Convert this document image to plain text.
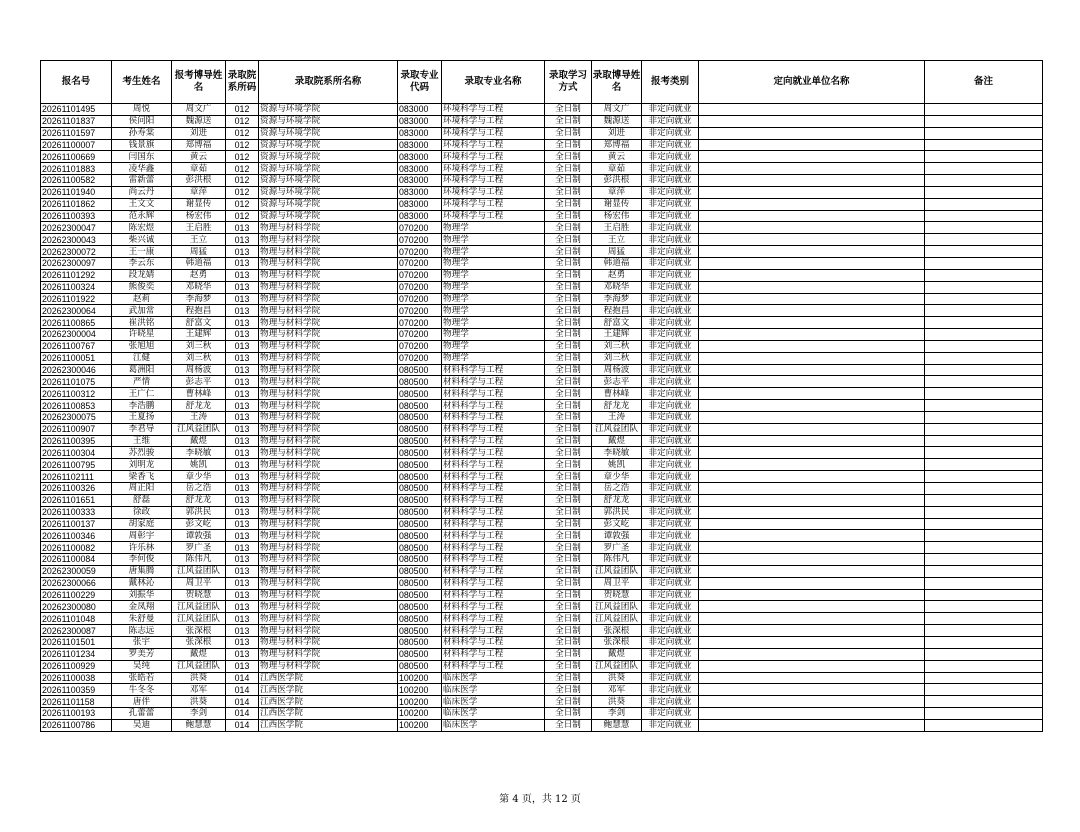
报名号	考生姓名	报考博导姓名	录取院系所码	录取院系所名称	录取专业代码	录取专业名称	录取学习方式	录取博导姓名	报考类别	定向就业单位名称	备注
20261101495	周悦	周文广	012	资源与环境学院	083000	环境科学与工程	全日制	周文广	非定向就业		
20261101837	侯问阳	魏源送	012	资源与环境学院	083000	环境科学与工程	全日制	魏源送	非定向就业		
20261101597	孙寿棠	刘进	012	资源与环境学院	083000	环境科学与工程	全日制	刘进	非定向就业		
20261100007	钱景旗	郑博福	012	资源与环境学院	083000	环境科学与工程	全日制	郑博福	非定向就业		
20261100669	闫国东	黄云	012	资源与环境学院	083000	环境科学与工程	全日制	黄云	非定向就业		
20261101883	凌华鑫	章茹	012	资源与环境学院	083000	环境科学与工程	全日制	章茹	非定向就业		
20261100582	雷新蕾	彭洪根	012	资源与环境学院	083000	环境科学与工程	全日制	彭洪根	非定向就业		
20261101940	尚云丹	章萍	012	资源与环境学院	083000	环境科学与工程	全日制	章萍	非定向就业		
20261101862	王文文	谢显传	012	资源与环境学院	083000	环境科学与工程	全日制	谢显传	非定向就业		
20261100393	范永辉	杨宏伟	012	资源与环境学院	083000	环境科学与工程	全日制	杨宏伟	非定向就业		
20262300047	陈宏煜	王启胜	013	物理与材料学院	070200	物理学	全日制	王启胜	非定向就业		
20262300043	柴兴诚	王立	013	物理与材料学院	070200	物理学	全日制	王立	非定向就业		
20262300072	王一康	周猛	013	物理与材料学院	070200	物理学	全日制	周猛	非定向就业		
20262300097	李云东	韩道福	013	物理与材料学院	070200	物理学	全日制	韩道福	非定向就业		
20261101292	段龙婧	赵勇	013	物理与材料学院	070200	物理学	全日制	赵勇	非定向就业		
20261100324	熊俊奕	邓晓华	013	物理与材料学院	070200	物理学	全日制	邓晓华	非定向就业		
20261101922	赵莉	李海梦	013	物理与材料学院	070200	物理学	全日制	李海梦	非定向就业		
20262300064	武加常	程抱昌	013	物理与材料学院	070200	物理学	全日制	程抱昌	非定向就业		
20261100865	崔洪铭	舒富文	013	物理与材料学院	070200	物理学	全日制	舒富文	非定向就业		
20262300004	许晓星	王建辉	013	物理与材料学院	070200	物理学	全日制	王建辉	非定向就业		
20261100767	张旭旭	刘三秋	013	物理与材料学院	070200	物理学	全日制	刘三秋	非定向就业		
20261100051	江健	刘三秋	013	物理与材料学院	070200	物理学	全日制	刘三秋	非定向就业		
20262300046	葛洲阳	周杨波	013	物理与材料学院	080500	材料科学与工程	全日制	周杨波	非定向就业		
20261101075	严情	彭志平	013	物理与材料学院	080500	材料科学与工程	全日制	彭志平	非定向就业		
20261100312	王广仁	曹林峰	013	物理与材料学院	080500	材料科学与工程	全日制	曹林峰	非定向就业		
20261100853	李浩鹏	舒龙龙	013	物理与材料学院	080500	材料科学与工程	全日制	舒龙龙	非定向就业		
20262300075	王夏扬	王涛	013	物理与材料学院	080500	材料科学与工程	全日制	王涛	非定向就业		
20261100907	李君导	江风益团队	013	物理与材料学院	080500	材料科学与工程	全日制	江风益团队	非定向就业		
20261100395	王维	戴煜	013	物理与材料学院	080500	材料科学与工程	全日制	戴煜	非定向就业		
20261100304	苏烈骏	李晓敏	013	物理与材料学院	080500	材料科学与工程	全日制	李晓敏	非定向就业		
20261100795	刘明龙	姚凯	013	物理与材料学院	080500	材料科学与工程	全日制	姚凯	非定向就业		
20261102111	梁香飞	章少华	013	物理与材料学院	080500	材料科学与工程	全日制	章少华	非定向就业		
20261100326	周正阳	岳之浩	013	物理与材料学院	080500	材料科学与工程	全日制	岳之浩	非定向就业		
20261101651	舒磊	舒龙龙	013	物理与材料学院	080500	材料科学与工程	全日制	舒龙龙	非定向就业		
20261100333	徐政	郭洪民	013	物理与材料学院	080500	材料科学与工程	全日制	郭洪民	非定向就业		
20261100137	胡家庭	彭文屹	013	物理与材料学院	080500	材料科学与工程	全日制	彭文屹	非定向就业		
20261100346	周彰宇	谭敦强	013	物理与材料学院	080500	材料科学与工程	全日制	谭敦强	非定向就业		
20261100082	许乐林	罗广圣	013	物理与材料学院	080500	材料科学与工程	全日制	罗广圣	非定向就业		
20261100084	李何俊	陈伟凡	013	物理与材料学院	080500	材料科学与工程	全日制	陈伟凡	非定向就业		
20262300059	唐集腾	江风益团队	013	物理与材料学院	080500	材料科学与工程	全日制	江风益团队	非定向就业		
20262300066	戴林沁	周卫平	013	物理与材料学院	080500	材料科学与工程	全日制	周卫平	非定向就业		
20261100229	刘振华	贺晓慧	013	物理与材料学院	080500	材料科学与工程	全日制	贺晓慧	非定向就业		
20262300080	金凤翔	江风益团队	013	物理与材料学院	080500	材料科学与工程	全日制	江风益团队	非定向就业		
20261101048	朱舒曼	江风益团队	013	物理与材料学院	080500	材料科学与工程	全日制	江风益团队	非定向就业		
20262300087	陈志远	张深根	013	物理与材料学院	080500	材料科学与工程	全日制	张深根	非定向就业		
20261101501	张宇	张深根	013	物理与材料学院	080500	材料科学与工程	全日制	张深根	非定向就业		
20261101234	罗美芳	戴煜	013	物理与材料学院	080500	材料科学与工程	全日制	戴煜	非定向就业		
20261100929	吴纯	江风益团队	013	物理与材料学院	080500	材料科学与工程	全日制	江风益团队	非定向就业		
20261100038	张皓若	洪葵	014	江西医学院	100200	临床医学	全日制	洪葵	非定向就业		
20261100359	牛冬冬	邓军	014	江西医学院	100200	临床医学	全日制	邓军	非定向就业		
20261101158	唐伴	洪葵	014	江西医学院	100200	临床医学	全日制	洪葵	非定向就业		
20261100193	孔蕾蕾	李剑	014	江西医学院	100200	临床医学	全日制	李剑	非定向就业		
20261100786	吴迪	鲍慧慧	014	江西医学院	100200	临床医学	全日制	鲍慧慧	非定向就业		
第 4 页，共 12 页
